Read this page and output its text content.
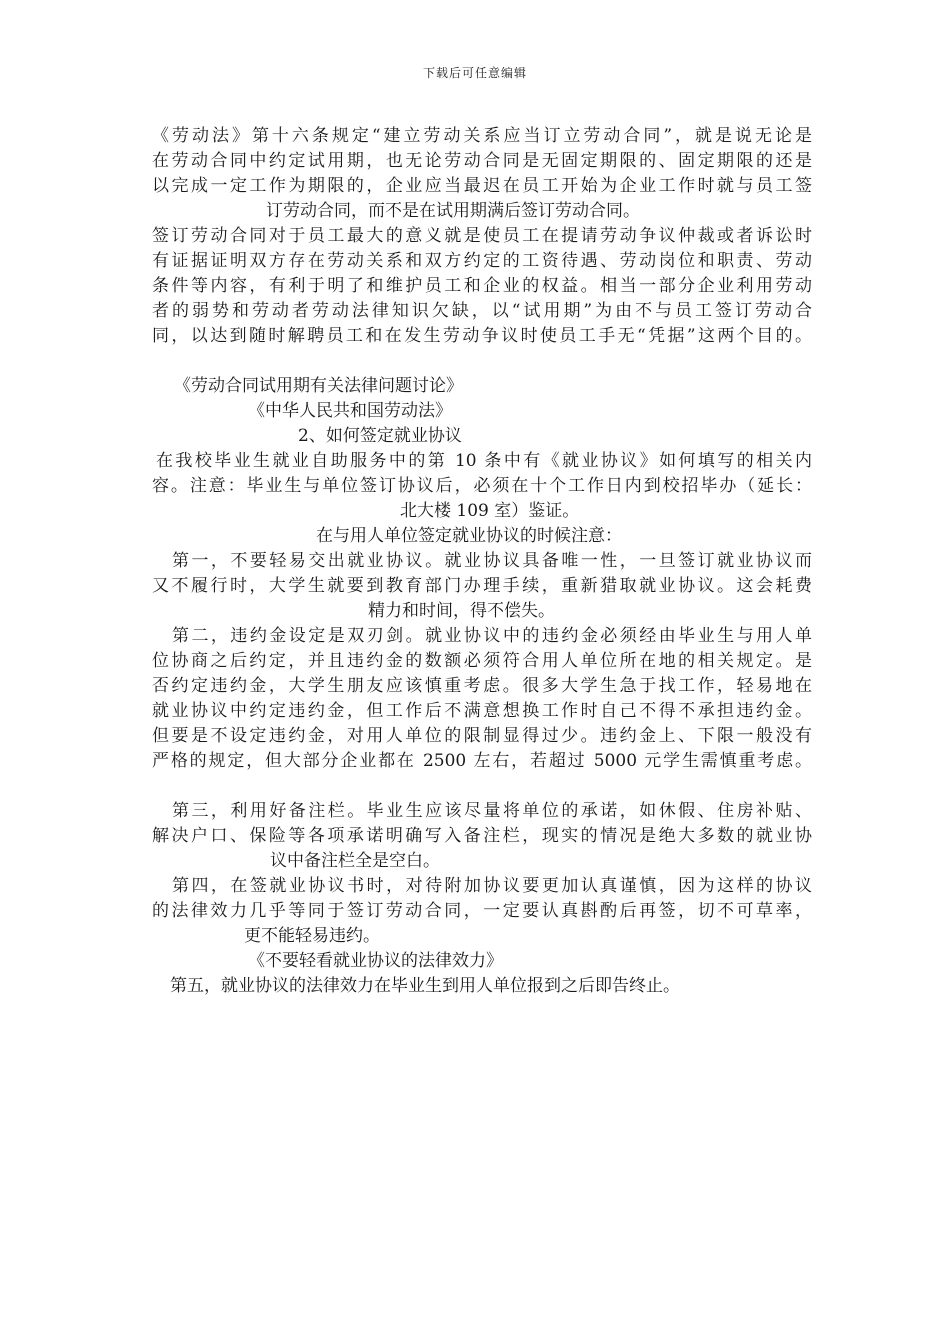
下载后可任意编辑
《劳动法》第十六条规定“建立劳动关系应当订立劳动合同”，就是说无论是
在劳动合同中约定试用期，也无论劳动合同是无固定期限的、固定期限的还是
以完成一定工作为期限的，企业应当最迟在员工开始为企业工作时就与员工签
订劳动合同，而不是在试用期满后签订劳动合同。
签订劳动合同对于员工最大的意义就是使员工在提请劳动争议仲裁或者诉讼时
有证据证明双方存在劳动关系和双方约定的工资待遇、劳动岗位和职责、劳动
条件等内容，有利于明了和维护员工和企业的权益。相当一部分企业利用劳动
者的弱势和劳动者劳动法律知识欠缺，以“试用期”为由不与员工签订劳动合
同，以达到随时解聘员工和在发生劳动争议时使员工手无“凭据”这两个目的。
《劳动合同试用期有关法律问题讨论》
《中华人民共和国劳动法》
2、如何签定就业协议
在我校毕业生就业自助服务中的第 10 条中有《就业协议》如何填写的相关内
容。注意：毕业生与单位签订协议后，必须在十个工作日内到校招毕办（延长：
北大楼 109 室）鉴证。
在与用人单位签定就业协议的时候注意：
第一，不要轻易交出就业协议。就业协议具备唯一性，一旦签订就业协议而
又不履行时，大学生就要到教育部门办理手续，重新猎取就业协议。这会耗费
精力和时间，得不偿失。
第二，违约金设定是双刃剑。就业协议中的违约金必须经由毕业生与用人单
位协商之后约定，并且违约金的数额必须符合用人单位所在地的相关规定。是
否约定违约金，大学生朋友应该慎重考虑。很多大学生急于找工作，轻易地在
就业协议中约定违约金，但工作后不满意想换工作时自己不得不承担违约金。
但要是不设定违约金，对用人单位的限制显得过少。违约金上、下限一般没有
严格的规定，但大部分企业都在 2500 左右，若超过 5000 元学生需慎重考虑。
第三，利用好备注栏。毕业生应该尽量将单位的承诺，如休假、住房补贴、
解决户口、保险等各项承诺明确写入备注栏，现实的情况是绝大多数的就业协
议中备注栏全是空白。
第四，在签就业协议书时，对待附加协议要更加认真谨慎，因为这样的协议
的法律效力几乎等同于签订劳动合同，一定要认真斟酌后再签，切不可草率，
更不能轻易违约。
《不要轻看就业协议的法律效力》
第五，就业协议的法律效力在毕业生到用人单位报到之后即告终止。
